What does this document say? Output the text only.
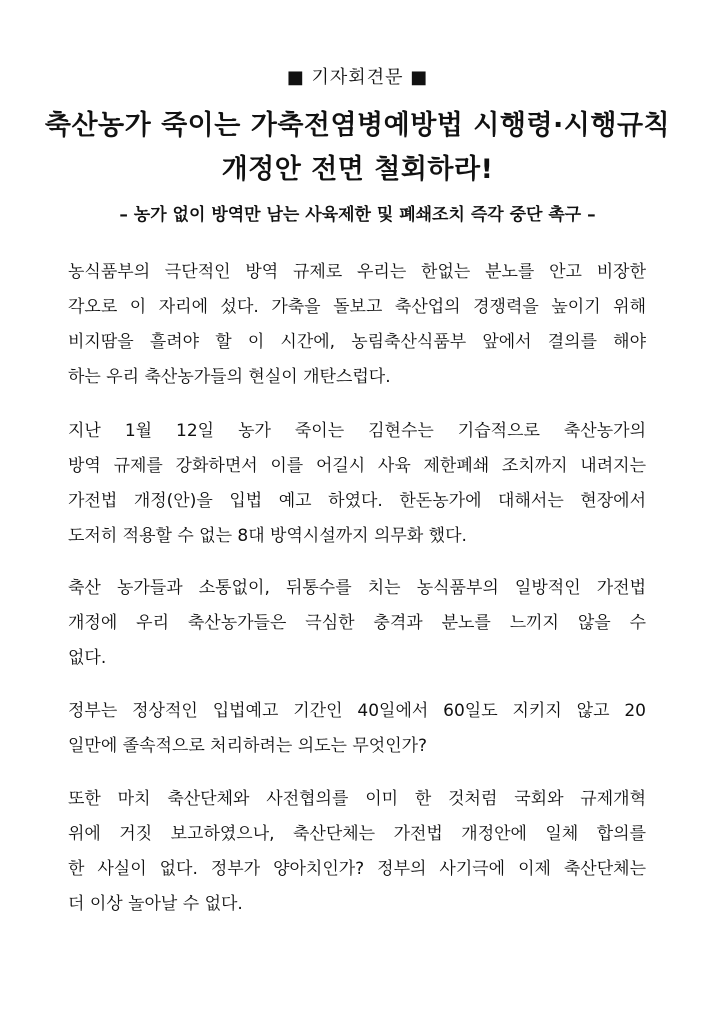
■ 기자회견문 ■
축산농가 죽이는 가축전염병예방법 시행령·시행규칙
개정안 전면 철회하라!
– 농가 없이 방역만 남는 사육제한 및 폐쇄조치 즉각 중단 촉구 –
농식품부의 극단적인 방역 규제로 우리는 한없는 분노를 안고 비장한
각오로 이 자리에 섰다. 가축을 돌보고 축산업의 경쟁력을 높이기 위해
비지땀을 흘려야 할 이 시간에, 농림축산식품부 앞에서 결의를 해야
하는 우리 축산농가들의 현실이 개탄스럽다.
지난 1월 12일 농가 죽이는 김현수는 기습적으로 축산농가의
방역 규제를 강화하면서 이를 어길시 사육 제한폐쇄 조치까지 내려지는
가전법 개정(안)을 입법 예고 하였다. 한돈농가에 대해서는 현장에서
도저히 적용할 수 없는 8대 방역시설까지 의무화 했다.
축산 농가들과 소통없이, 뒤통수를 치는 농식품부의 일방적인 가전법
개정에 우리 축산농가들은 극심한 충격과 분노를 느끼지 않을 수
없다.
정부는 정상적인 입법예고 기간인 40일에서 60일도 지키지 않고 20
일만에 졸속적으로 처리하려는 의도는 무엇인가?
또한 마치 축산단체와 사전협의를 이미 한 것처럼 국회와 규제개혁
위에 거짓 보고하였으나, 축산단체는 가전법 개정안에 일체 합의를
한 사실이 없다. 정부가 양아치인가? 정부의 사기극에 이제 축산단체는
더 이상 놀아날 수 없다.
